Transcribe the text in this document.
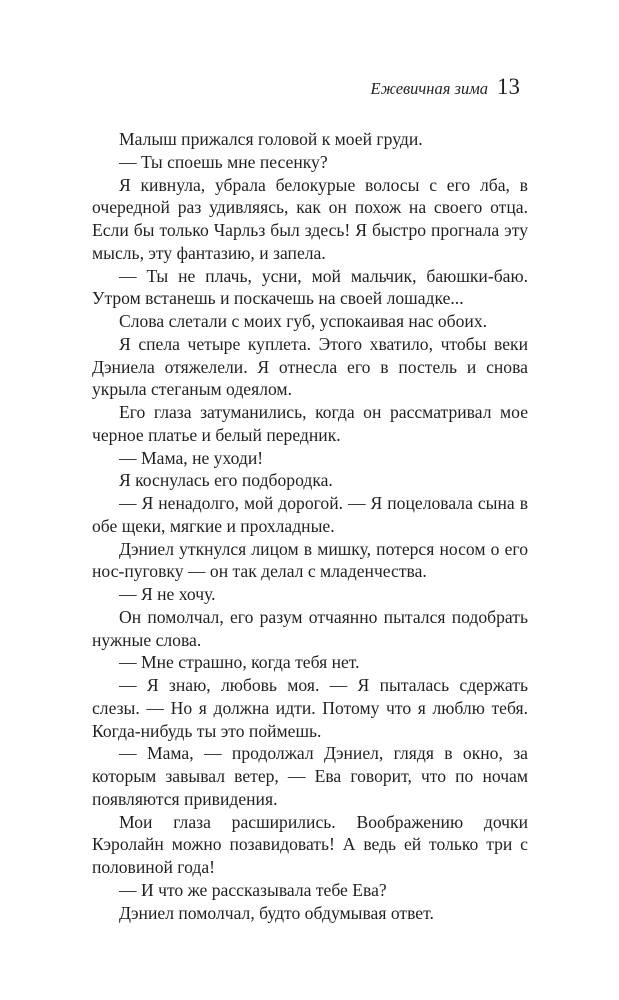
Ежевичная зима 13

Малыш прижался головой к моей груди.

— Ты споешь мне песенку?

Я кивнула, убрала белокурые волосы с его лба, в очередной раз удивляясь, как он похож на своего отца. Если бы только Чарльз был здесь! Я быстро прогнала эту мысль, эту фантазию, и запела.

— Ты не плачь, усни, мой мальчик, баюшки-баю. Утром встанешь и поскачешь на своей лошадке...

Слова слетали с моих губ, успокаивая нас обоих.

Я спела четыре куплета. Этого хватило, чтобы веки Дэниела отяжелели. Я отнесла его в постель и снова укрыла стеганым одеялом.

Его глаза затуманились, когда он рассматривал мое черное платье и белый передник.

— Мама, не уходи!

Я коснулась его подбородка.

— Я ненадолго, мой дорогой. — Я поцеловала сына в обе щеки, мягкие и прохладные.

Дэниел уткнулся лицом в мишку, потерся носом о его нос-пуговку — он так делал с младенчества.

— Я не хочу.

Он помолчал, его разум отчаянно пытался подобрать нужные слова.

— Мне страшно, когда тебя нет.

— Я знаю, любовь моя. — Я пыталась сдержать слезы. — Но я должна идти. Потому что я люблю тебя. Когда-нибудь ты это поймешь.

— Мама, — продолжал Дэниел, глядя в окно, за которым завывал ветер, — Ева говорит, что по ночам появляются привидения.

Мои глаза расширились. Воображению дочки Кэролайн можно позавидовать! А ведь ей только три с половиной года!

— И что же рассказывала тебе Ева?

Дэниел помолчал, будто обдумывая ответ.
